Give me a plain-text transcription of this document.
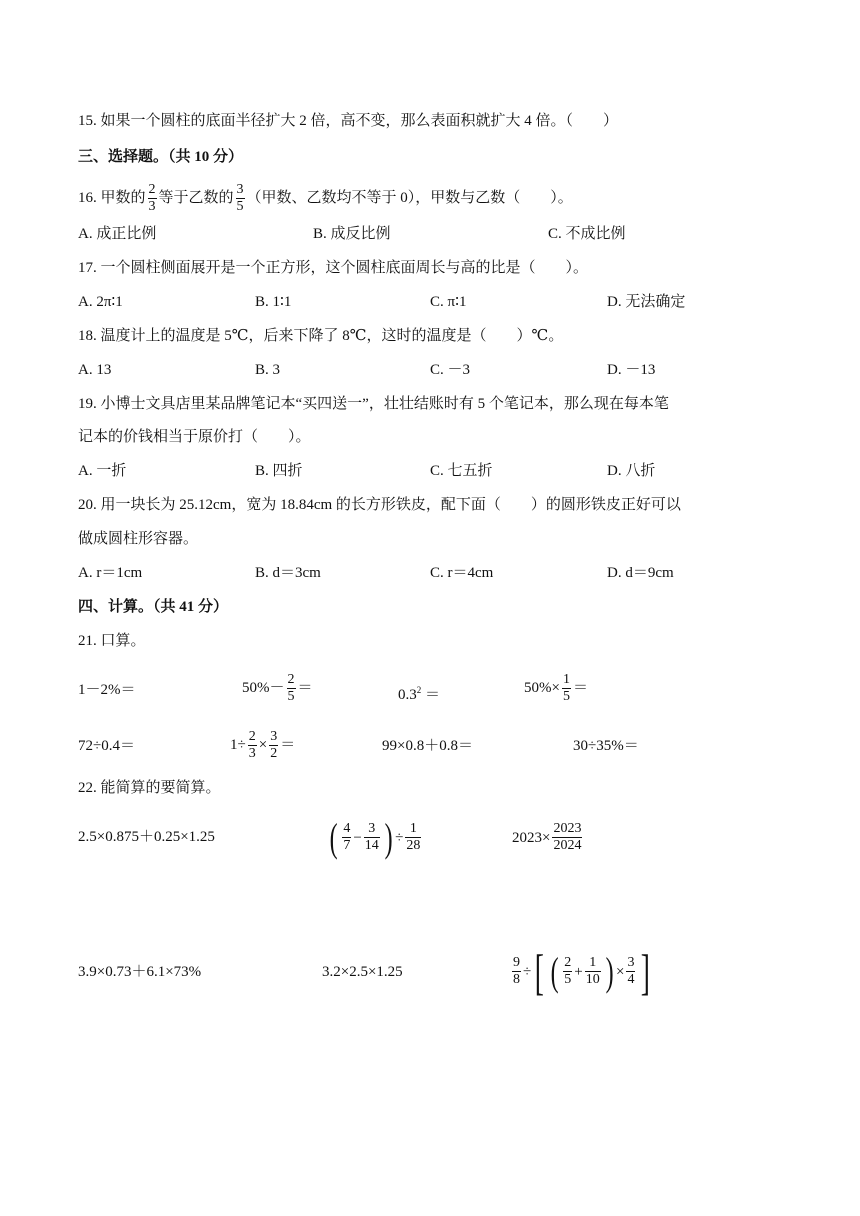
15. 如果一个圆柱的底面半径扩大 2 倍，高不变，那么表面积就扩大 4 倍。（　　）
三、选择题。（共 10 分）
16. 甲数的 $\frac{2}{3}$ 等于乙数的 $\frac{3}{5}$ （甲数、乙数均不等于 0），甲数与乙数（　　）。
A. 成正比例	B. 成反比例	C. 不成比例
17. 一个圆柱侧面展开是一个正方形，这个圆柱底面周长与高的比是（　　）。
A. 2π∶1	B. 1∶1	C. π∶1	D. 无法确定
18. 温度计上的温度是 5℃，后来下降了 8℃，这时的温度是（　　）℃。
A. 13	B. 3	C. －3	D. －13
19. 小博士文具店里某品牌笔记本“买四送一”，壮壮结账时有 5 个笔记本，那么现在每本笔
记本的价钱相当于原价打（　　）。
A. 一折	B. 四折	C. 七五折	D. 八折
20. 用一块长为 25.12cm，宽为 18.84cm 的长方形铁皮，配下面（　　）的圆形铁皮正好可以
做成圆柱形容器。
A. r＝1cm	B. d＝3cm	C. r＝4cm	D. d＝9cm
四、计算。（共 41 分）
21. 口算。
1－2%＝	$50\%- \frac{2}{5}$ ＝	$0.3^2$ ＝	$50\%\times \frac{1}{5}$ ＝
72÷0.4＝	$1\div \frac{2}{3} \times \frac{3}{2}$ ＝	99×0.8＋0.8＝	30÷35%＝
22. 能简算的要简算。
2.5×0.875＋0.25×1.25	( $\frac{4}{7} - \frac{3}{14}$ ) ÷ $\frac{1}{28}$	$2023\times \frac{2023}{2024}$
3.9×0.73＋6.1×73%	3.2×2.5×1.25	$\frac{9}{8}$ ÷[ ( $\frac{2}{5} + \frac{1}{10}$ ) × $\frac{3}{4}$ ]
